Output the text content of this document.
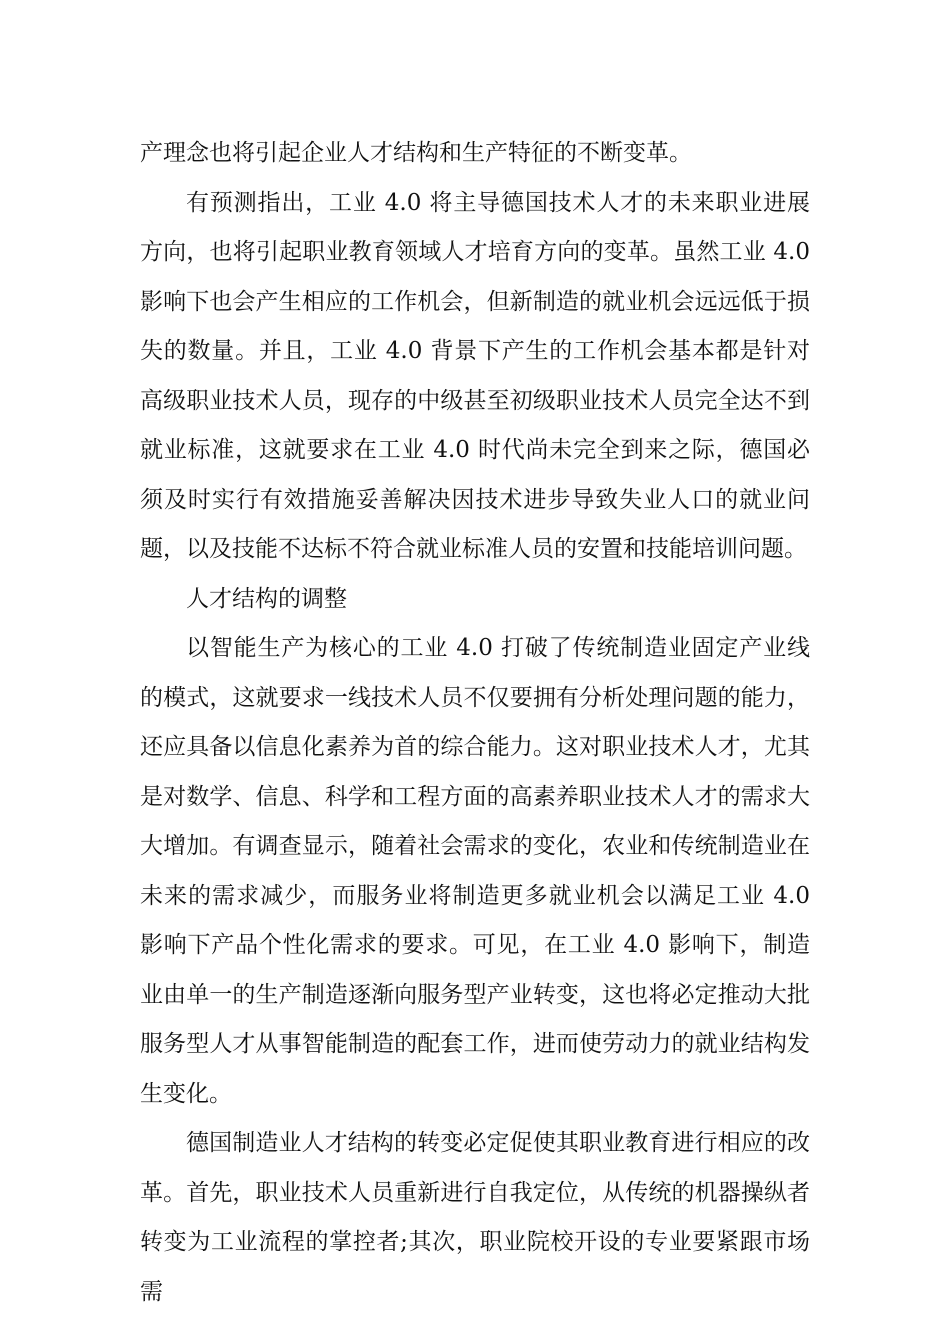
产理念也将引起企业人才结构和生产特征的不断变革。

有预测指出，工业 4.0 将主导德国技术人才的未来职业进展方向，也将引起职业教育领域人才培育方向的变革。虽然工业 4.0 影响下也会产生相应的工作机会，但新制造的就业机会远远低于损失的数量。并且，工业 4.0 背景下产生的工作机会基本都是针对高级职业技术人员，现存的中级甚至初级职业技术人员完全达不到就业标准，这就要求在工业 4.0 时代尚未完全到来之际，德国必须及时实行有效措施妥善解决因技术进步导致失业人口的就业问题，以及技能不达标不符合就业标准人员的安置和技能培训问题。

人才结构的调整

以智能生产为核心的工业 4.0 打破了传统制造业固定产业线的模式，这就要求一线技术人员不仅要拥有分析处理问题的能力，还应具备以信息化素养为首的综合能力。这对职业技术人才，尤其是对数学、信息、科学和工程方面的高素养职业技术人才的需求大大增加。有调查显示，随着社会需求的变化，农业和传统制造业在未来的需求减少，而服务业将制造更多就业机会以满足工业 4.0 影响下产品个性化需求的要求。可见，在工业 4.0 影响下，制造业由单一的生产制造逐渐向服务型产业转变，这也将必定推动大批服务型人才从事智能制造的配套工作，进而使劳动力的就业结构发生变化。

德国制造业人才结构的转变必定促使其职业教育进行相应的改革。首先，职业技术人员重新进行自我定位，从传统的机器操纵者转变为工业流程的掌控者;其次，职业院校开设的专业要紧跟市场需
